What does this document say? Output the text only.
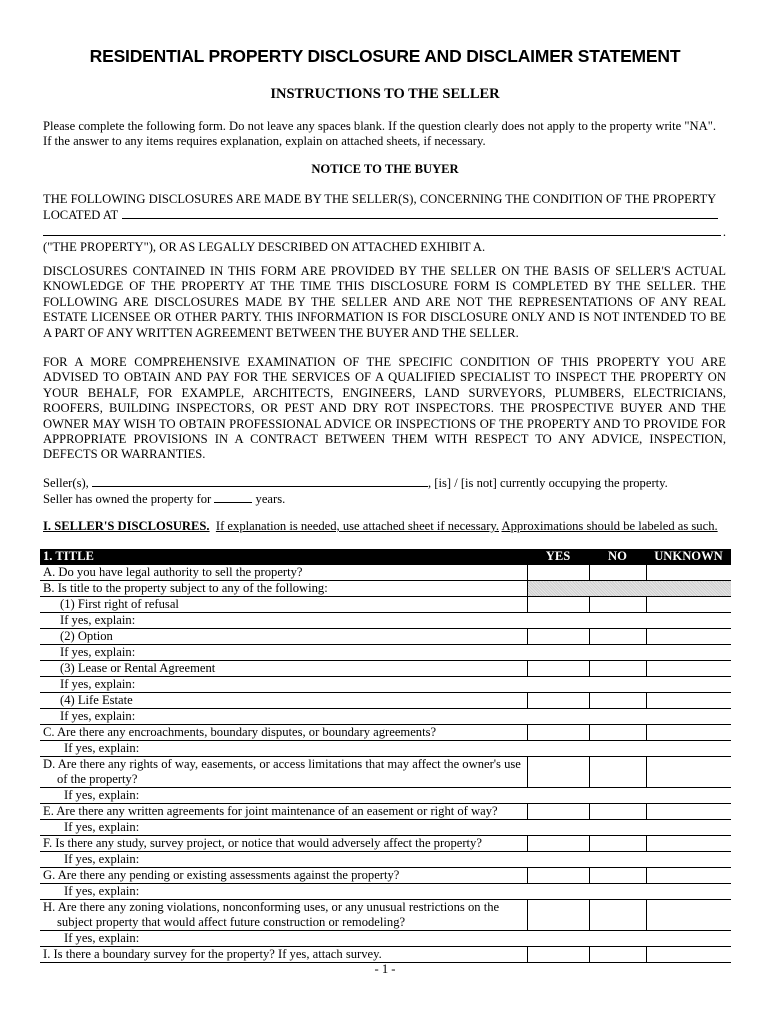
RESIDENTIAL PROPERTY DISCLOSURE AND DISCLAIMER STATEMENT
INSTRUCTIONS TO THE SELLER

Please complete the following form. Do not leave any spaces blank. If the question clearly does not apply to the property write "NA".

If the answer to any items requires explanation, explain on attached sheets, if necessary.

NOTICE TO THE BUYER

THE FOLLOWING DISCLOSURES ARE MADE BY THE SELLER(S), CONCERNING THE CONDITION OF THE PROPERTY

LOCATED AT

.

("THE PROPERTY"), OR AS LEGALLY DESCRIBED ON ATTACHED EXHIBIT A.

DISCLOSURES CONTAINED IN THIS FORM ARE PROVIDED BY THE SELLER ON THE BASIS OF SELLER'S ACTUAL KNOWLEDGE OF THE PROPERTY AT THE TIME THIS DISCLOSURE FORM IS COMPLETED BY THE SELLER. THE FOLLOWING ARE DISCLOSURES MADE BY THE SELLER AND ARE NOT THE REPRESENTATIONS OF ANY REAL ESTATE LICENSEE OR OTHER PARTY. THIS INFORMATION IS FOR DISCLOSURE ONLY AND IS NOT INTENDED TO BE A PART OF ANY WRITTEN AGREEMENT BETWEEN THE BUYER AND THE SELLER.
FOR A MORE COMPREHENSIVE EXAMINATION OF THE SPECIFIC CONDITION OF THIS PROPERTY YOU ARE ADVISED TO OBTAIN AND PAY FOR THE SERVICES OF A QUALIFIED SPECIALIST TO INSPECT THE PROPERTY ON YOUR BEHALF, FOR EXAMPLE, ARCHITECTS, ENGINEERS, LAND SURVEYORS, PLUMBERS, ELECTRICIANS, ROOFERS, BUILDING INSPECTORS, OR PEST AND DRY ROT INSPECTORS. THE PROSPECTIVE BUYER AND THE OWNER MAY WISH TO OBTAIN PROFESSIONAL ADVICE OR INSPECTIONS OF THE PROPERTY AND TO PROVIDE FOR APPROPRIATE PROVISIONS IN A CONTRACT BETWEEN THEM WITH RESPECT TO ANY ADVICE, INSPECTION, DEFECTS OR WARRANTIES.

Seller(s),	, [is] / [is not] currently occupying the property.

Seller has owned the property for	years.

I. SELLER'S DISCLOSURES. If explanation is needed, use attached sheet if necessary. Approximations should be labeled as such.
1. TITLE	YES	NO	UNKNOWN
A. Do you have legal authority to sell the property?			
B. Is title to the property subject to any of the following:			
(1) First right of refusal			
If yes, explain:			
(2) Option			
If yes, explain:			
(3) Lease or Rental Agreement			
If yes, explain:			
(4) Life Estate			
If yes, explain:			
C. Are there any encroachments, boundary disputes, or boundary agreements?			
If yes, explain:			

D. Are there any rights of way, easements, or access limitations that may affect the owner's use of the property?			

If yes, explain:			
E. Are there any written agreements for joint maintenance of an easement or right of way?			
If yes, explain:			
F. Is there any study, survey project, or notice that would adversely affect the property?			
If yes, explain:			
G. Are there any pending or existing assessments against the property?			
If yes, explain:			

H. Are there any zoning violations, nonconforming uses, or any unusual restrictions on the subject property that would affect future construction or remodeling?			

If yes, explain:			
I. Is there a boundary survey for the property? If yes, attach survey.			
- 1 -
